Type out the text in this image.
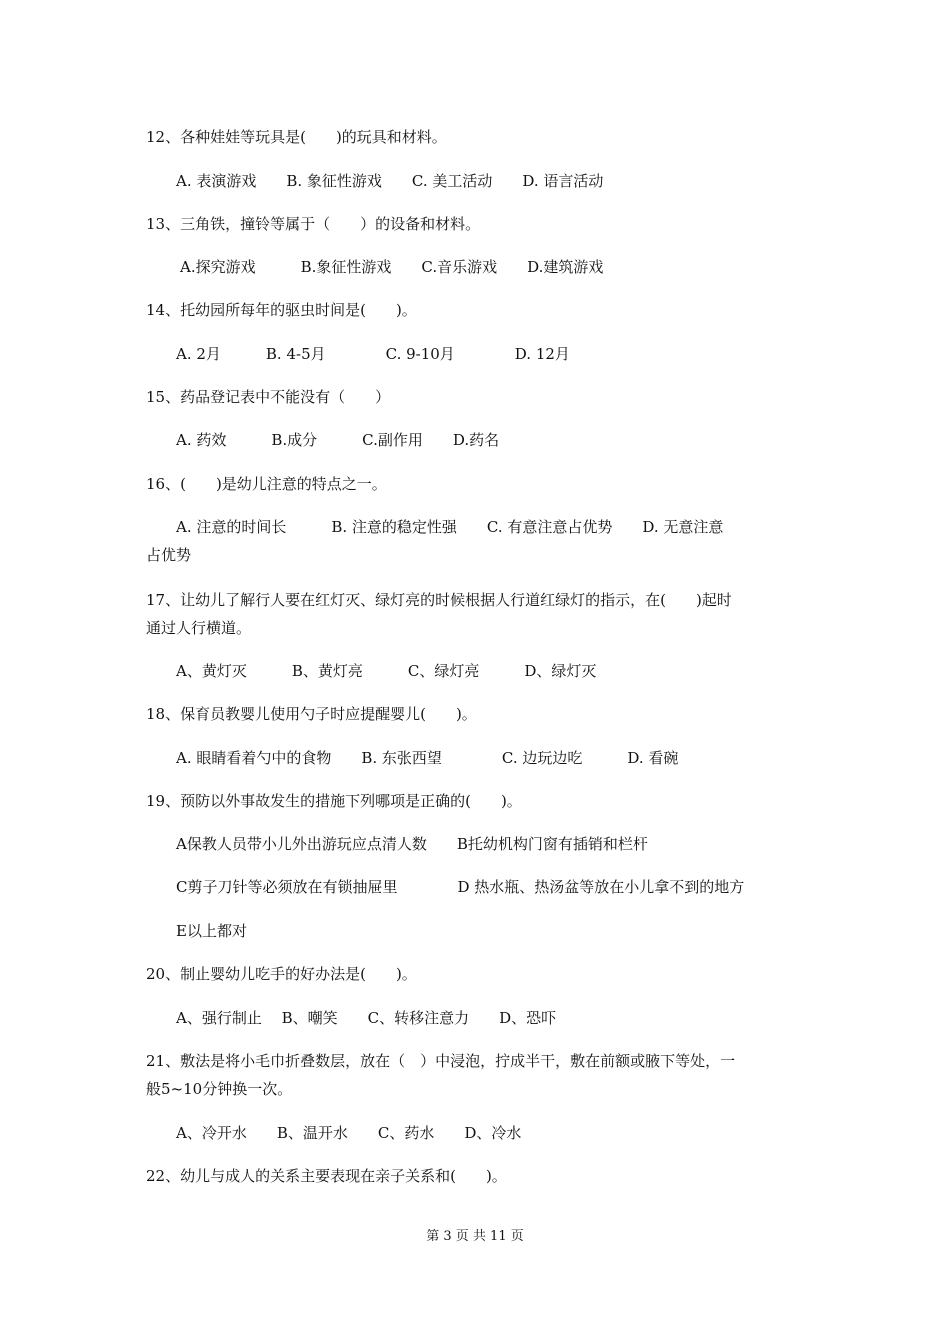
12、各种娃娃等玩具是(　　)的玩具和材料。
A. 表演游戏　　B. 象征性游戏　　C. 美工活动　　D. 语言活动
13、三角铁，撞铃等属于（　　）的设备和材料。
A.探究游戏　　　B.象征性游戏　　C.音乐游戏　　D.建筑游戏
14、托幼园所每年的驱虫时间是(　　)。
A. 2月　　　B. 4-5月　　　　C. 9-10月　　　　D. 12月
15、药品登记表中不能没有（　　）
A. 药效　　　B.成分　　　C.副作用　　D.药名
16、(　　)是幼儿注意的特点之一。
A. 注意的时间长　　　B. 注意的稳定性强　　C. 有意注意占优势　　D. 无意注意
占优势
17、让幼儿了解行人要在红灯灭、绿灯亮的时候根据人行道红绿灯的指示，在(　　)起时
通过人行横道。
A、黄灯灭　　　B、黄灯亮　　　C、绿灯亮　　　D、绿灯灭
18、保育员教婴儿使用勺子时应提醒婴儿(　　)。
A. 眼睛看着勺中的食物　　B. 东张西望　　　　C. 边玩边吃　　　D. 看碗
19、预防以外事故发生的措施下列哪项是正确的(　　)。
A保教人员带小儿外出游玩应点清人数　　B托幼机构门窗有插销和栏杆
C剪子刀针等必须放在有锁抽屉里　　　　D 热水瓶、热汤盆等放在小儿拿不到的地方
E以上都对
20、制止婴幼儿吃手的好办法是(　　)。
A、强行制止　 B、嘲笑　　C、转移注意力　　D、恐吓
21、敷法是将小毛巾折叠数层，放在（　）中浸泡，拧成半干，敷在前额或腋下等处，一
般5~10分钟换一次。
A、冷开水　　B、温开水　　C、药水　　D、冷水
22、幼儿与成人的关系主要表现在亲子关系和(　　)。
第 3 页 共 11 页
